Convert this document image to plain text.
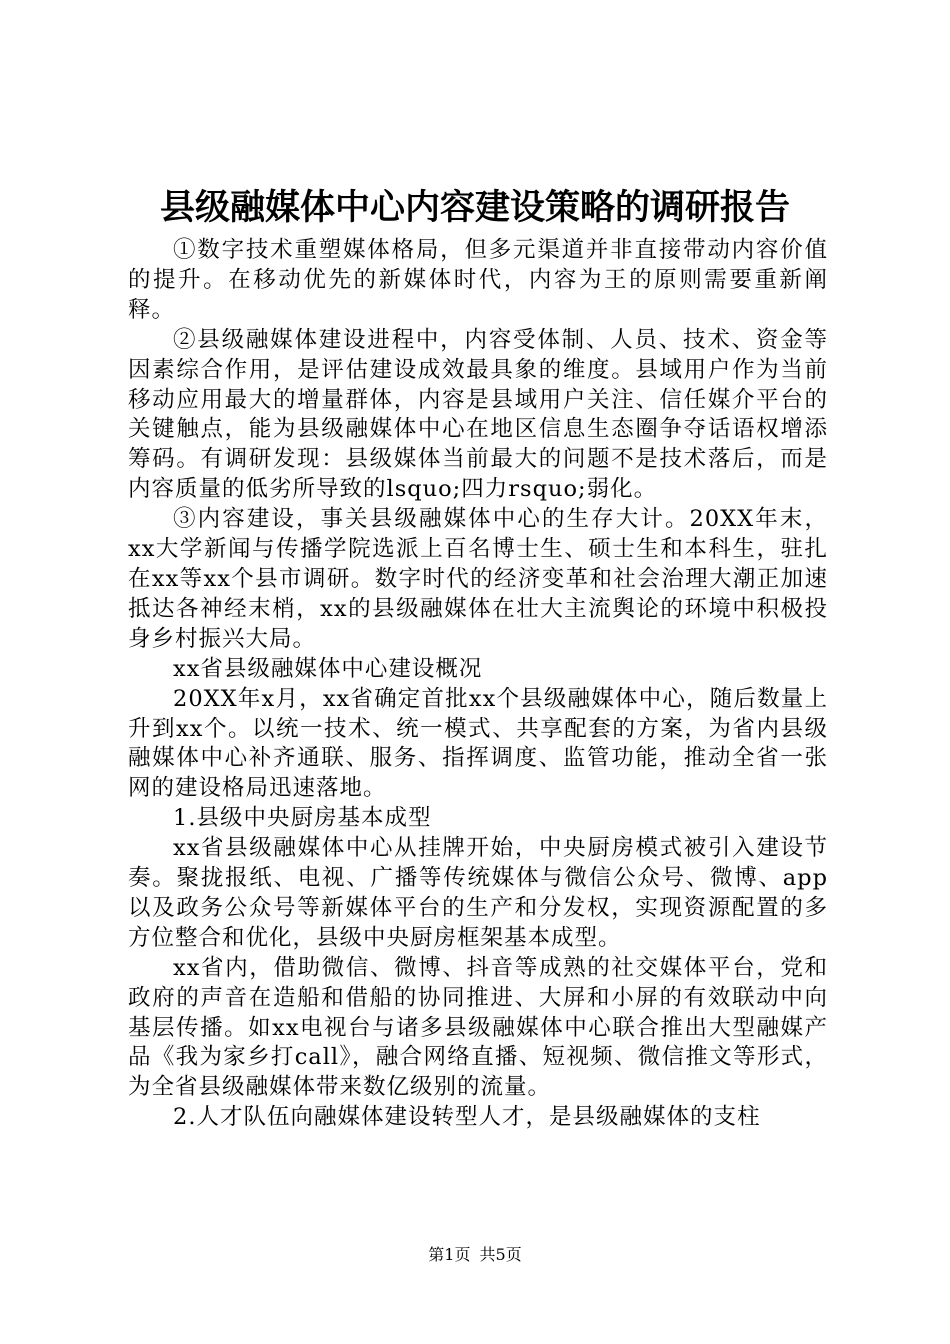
县级融媒体中心内容建设策略的调研报告

①数字技术重塑媒体格局，但多元渠道并非直接带动内容价值的提升。在移动优先的新媒体时代，内容为王的原则需要重新阐释。

②县级融媒体建设进程中，内容受体制、人员、技术、资金等因素综合作用，是评估建设成效最具象的维度。县域用户作为当前移动应用最大的增量群体，内容是县域用户关注、信任媒介平台的关键触点，能为县级融媒体中心在地区信息生态圈争夺话语权增添筹码。有调研发现：县级媒体当前最大的问题不是技术落后，而是内容质量的低劣所导致的lsquo;四力rsquo;弱化。

③内容建设，事关县级融媒体中心的生存大计。20XX年末，xx大学新闻与传播学院选派上百名博士生、硕士生和本科生，驻扎在xx等xx个县市调研。数字时代的经济变革和社会治理大潮正加速抵达各神经末梢，xx的县级融媒体在壮大主流舆论的环境中积极投身乡村振兴大局。

xx省县级融媒体中心建设概况

20XX年x月，xx省确定首批xx个县级融媒体中心，随后数量上升到xx个。以统一技术、统一模式、共享配套的方案，为省内县级融媒体中心补齐通联、服务、指挥调度、监管功能，推动全省一张网的建设格局迅速落地。

1.县级中央厨房基本成型

xx省县级融媒体中心从挂牌开始，中央厨房模式被引入建设节奏。聚拢报纸、电视、广播等传统媒体与微信公众号、微博、app以及政务公众号等新媒体平台的生产和分发权，实现资源配置的多方位整合和优化，县级中央厨房框架基本成型。

xx省内，借助微信、微博、抖音等成熟的社交媒体平台，党和政府的声音在造船和借船的协同推进、大屏和小屏的有效联动中向基层传播。如xx电视台与诸多县级融媒体中心联合推出大型融媒产品《我为家乡打call》，融合网络直播、短视频、微信推文等形式，为全省县级融媒体带来数亿级别的流量。

2.人才队伍向融媒体建设转型人才，是县级融媒体的支柱

第1页 共5页
